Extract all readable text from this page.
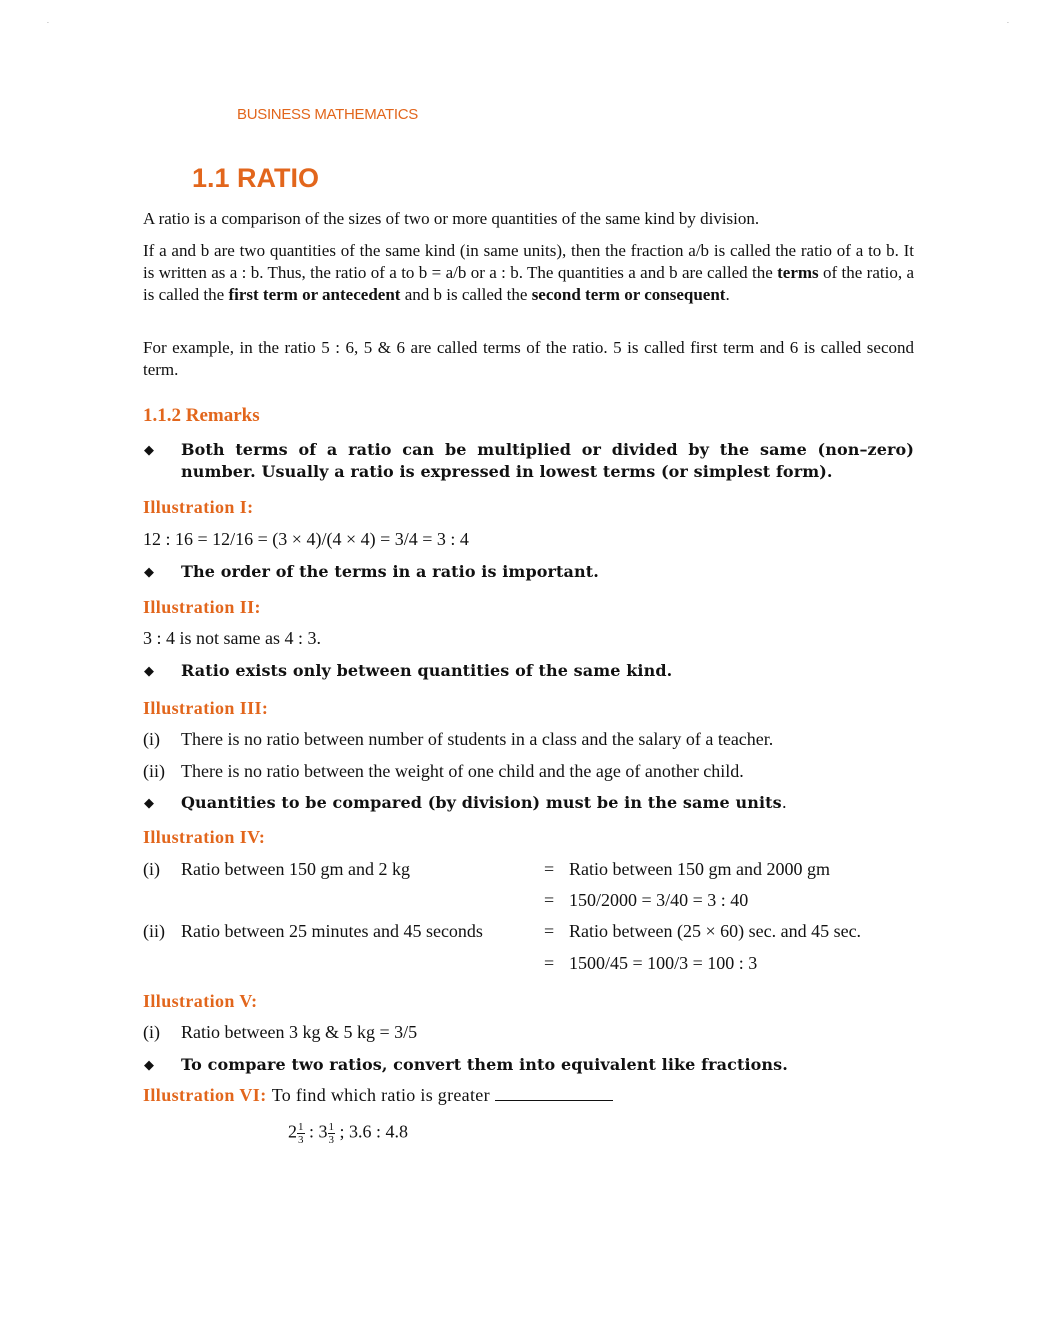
.	.
BUSINESS MATHEMATICS
1.1 RATIO
A ratio is a comparison of the sizes of two or more quantities of the same kind by division.
If a and b are two quantities of the same kind (in same units), then the fraction a/b is called the ratio of a to b. It is written as a : b. Thus, the ratio of a to b = a/b or a : b. The quantities a and b are called the terms of the ratio, a is called the first term or antecedent and b is called the second term or consequent.
For example, in the ratio 5 : 6, 5 & 6 are called terms of the ratio. 5 is called first term and 6 is called second term.
1.1.2 Remarks
◆ Both terms of a ratio can be multiplied or divided by the same (non–zero) number. Usually a ratio is expressed in lowest terms (or simplest form).
Illustration I:
12 : 16 = 12/16 = (3 × 4)/(4 × 4) = 3/4 = 3 : 4
◆ The order of the terms in a ratio is important.
Illustration II:
3 : 4 is not same as 4 : 3.
◆ Ratio exists only between quantities of the same kind.
Illustration III:
(i) There is no ratio between number of students in a class and the salary of a teacher.
(ii) There is no ratio between the weight of one child and the age of another child.
◆ Quantities to be compared (by division) must be in the same units.
Illustration IV:
(i) Ratio between 150 gm and 2 kg	= Ratio between 150 gm and 2000 gm
= 150/2000 = 3/40 = 3 : 40
(ii) Ratio between 25 minutes and 45 seconds	= Ratio between (25 × 60) sec. and 45 sec.
= 1500/45 = 100/3 = 100 : 3
Illustration V:
(i) Ratio between 3 kg & 5 kg = 3/5
◆ To compare two ratios, convert them into equivalent like fractions.
Illustration VI: To find which ratio is greater
$2 \frac{1}{3}$ : $3 \frac{1}{3}$ ; 3.6 : 4.8
